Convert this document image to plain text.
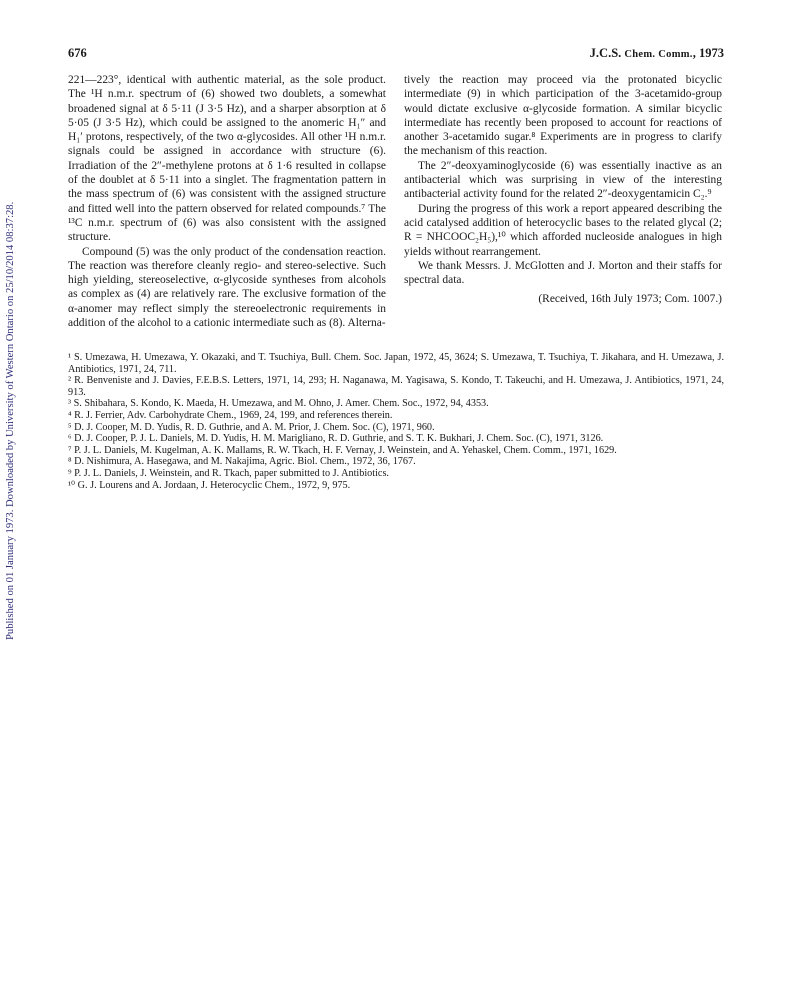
Published on 01 January 1973. Downloaded by University of Western Ontario on 25/10/2014 08:37:28.
676	J.C.S. Chem. Comm., 1973

221—223°, identical with authentic material, as the sole product. The ¹H n.m.r. spectrum of (6) showed two doublets, a somewhat broadened signal at δ 5·11 (J 3·5 Hz), and a sharper absorption at δ 5·05 (J 3·5 Hz), which could be assigned to the anomeric H₁″ and H₁′ protons, respectively, of the two α-glycosides. All other ¹H n.m.r. signals could be assigned in accordance with structure (6). Irradiation of the 2″-methylene protons at δ 1·6 resulted in collapse of the doublet at δ 5·11 into a singlet. The fragmentation pattern in the mass spectrum of (6) was consistent with the assigned structure and fitted well into the pattern observed for related compounds.⁷ The ¹³C n.m.r. spectrum of (6) was also consistent with the assigned structure.

Compound (5) was the only product of the condensation reaction. The reaction was therefore cleanly regio- and stereo-selective. Such high yielding, stereoselective, α-glycoside syntheses from alcohols as complex as (4) are relatively rare. The exclusive formation of the α-anomer may reflect simply the stereoelectronic requirements in addition of the alcohol to a cationic intermediate such as (8). Alterna-

tively the reaction may proceed via the protonated bicyclic intermediate (9) in which participation of the 3-acetamido-group would dictate exclusive α-glycoside formation. A similar bicyclic intermediate has recently been proposed to account for reactions of another 3-acetamido sugar.⁸ Experiments are in progress to clarify the mechanism of this reaction.

The 2″-deoxyaminoglycoside (6) was essentially inactive as an antibacterial which was surprising in view of the interesting antibacterial activity found for the related 2″-deoxygentamicin C₂.⁹

During the progress of this work a report appeared describing the acid catalysed addition of heterocyclic bases to the related glycal (2; R = NHCOOC₂H₅),¹⁰ which afforded nucleoside analogues in high yields without rearrangement.

We thank Messrs. J. McGlotten and J. Morton and their staffs for spectral data.

(Received, 16th July 1973; Com. 1007.)

¹ S. Umezawa, H. Umezawa, Y. Okazaki, and T. Tsuchiya, Bull. Chem. Soc. Japan, 1972, 45, 3624; S. Umezawa, T. Tsuchiya, T. Jikahara, and H. Umezawa, J. Antibiotics, 1971, 24, 711.

² R. Benveniste and J. Davies, F.E.B.S. Letters, 1971, 14, 293; H. Naganawa, M. Yagisawa, S. Kondo, T. Takeuchi, and H. Umezawa, J. Antibiotics, 1971, 24, 913.

³ S. Shibahara, S. Kondo, K. Maeda, H. Umezawa, and M. Ohno, J. Amer. Chem. Soc., 1972, 94, 4353.

⁴ R. J. Ferrier, Adv. Carbohydrate Chem., 1969, 24, 199, and references therein.

⁵ D. J. Cooper, M. D. Yudis, R. D. Guthrie, and A. M. Prior, J. Chem. Soc. (C), 1971, 960.

⁶ D. J. Cooper, P. J. L. Daniels, M. D. Yudis, H. M. Marigliano, R. D. Guthrie, and S. T. K. Bukhari, J. Chem. Soc. (C), 1971, 3126.

⁷ P. J. L. Daniels, M. Kugelman, A. K. Mallams, R. W. Tkach, H. F. Vernay, J. Weinstein, and A. Yehaskel, Chem. Comm., 1971, 1629.

⁸ D. Nishimura, A. Hasegawa, and M. Nakajima, Agric. Biol. Chem., 1972, 36, 1767.

⁹ P. J. L. Daniels, J. Weinstein, and R. Tkach, paper submitted to J. Antibiotics.

¹⁰ G. J. Lourens and A. Jordaan, J. Heterocyclic Chem., 1972, 9, 975.
